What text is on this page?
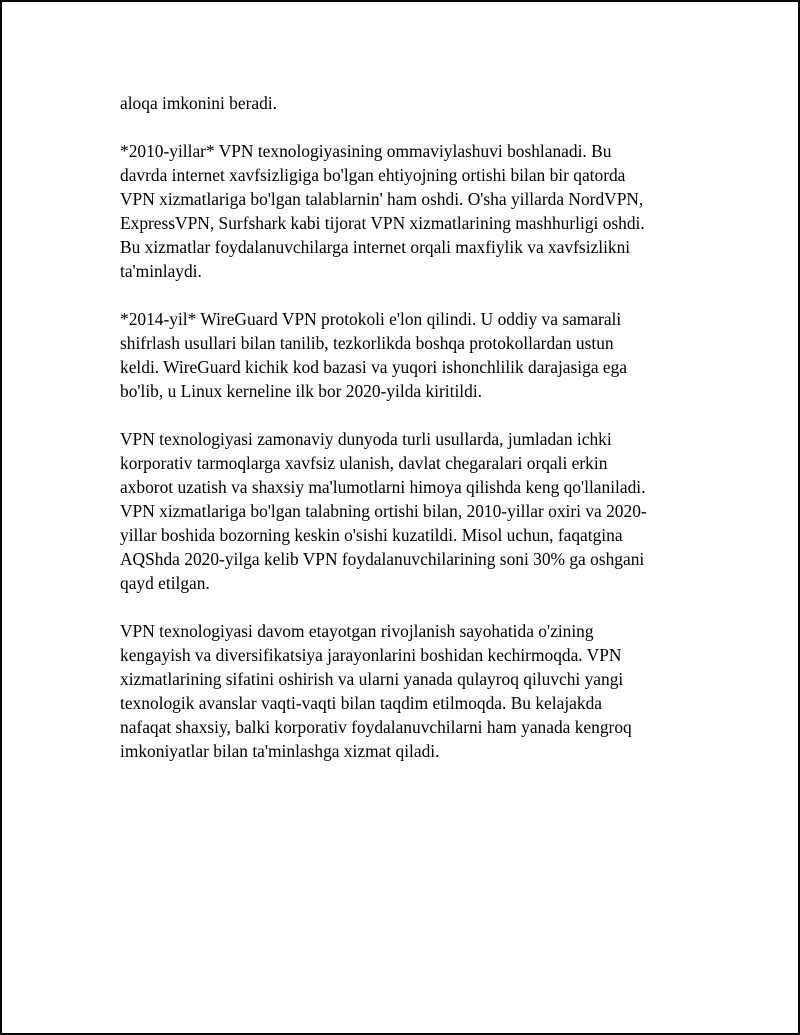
aloqa imkonini beradi.

*2010-yillar* VPN texnologiyasining ommaviylashuvi boshlanadi. Bu
davrda internet xavfsizligiga bo'lgan ehtiyojning ortishi bilan bir qatorda
VPN xizmatlariga bo'lgan talablarnin' ham oshdi. O'sha yillarda NordVPN,
ExpressVPN, Surfshark kabi tijorat VPN xizmatlarining mashhurligi oshdi.
Bu xizmatlar foydalanuvchilarga internet orqali maxfiylik va xavfsizlikni
ta'minlaydi.

*2014-yil* WireGuard VPN protokoli e'lon qilindi. U oddiy va samarali
shifrlash usullari bilan tanilib, tezkorlikda boshqa protokollardan ustun
keldi. WireGuard kichik kod bazasi va yuqori ishonchlilik darajasiga ega
bo'lib, u Linux kerneline ilk bor 2020-yilda kiritildi.

VPN texnologiyasi zamonaviy dunyoda turli usullarda, jumladan ichki
korporativ tarmoqlarga xavfsiz ulanish, davlat chegaralari orqali erkin
axborot uzatish va shaxsiy ma'lumotlarni himoya qilishda keng qo'llaniladi.
VPN xizmatlariga bo'lgan talabning ortishi bilan, 2010-yillar oxiri va 2020-
yillar boshida bozorning keskin o'sishi kuzatildi. Misol uchun, faqatgina
AQShda 2020-yilga kelib VPN foydalanuvchilarining soni 30% ga oshgani
qayd etilgan.

VPN texnologiyasi davom etayotgan rivojlanish sayohatida o'zining
kengayish va diversifikatsiya jarayonlarini boshidan kechirmoqda. VPN
xizmatlarining sifatini oshirish va ularni yanada qulayroq qiluvchi yangi
texnologik avanslar vaqti-vaqti bilan taqdim etilmoqda. Bu kelajakda
nafaqat shaxsiy, balki korporativ foydalanuvchilarni ham yanada kengroq
imkoniyatlar bilan ta'minlashga xizmat qiladi.
